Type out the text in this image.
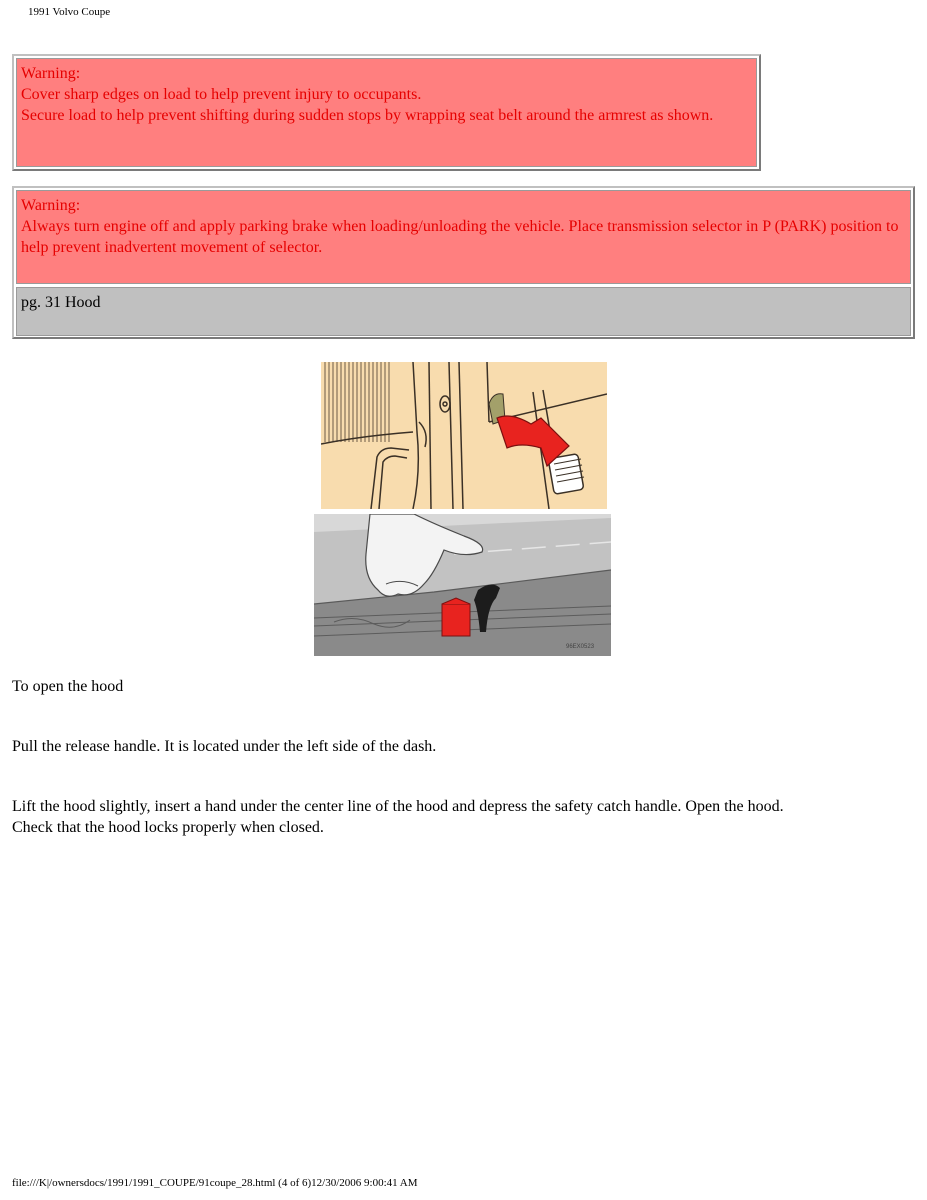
1991 Volvo Coupe
Warning:
Cover sharp edges on load to help prevent injury to occupants.
Secure load to help prevent shifting during sudden stops by wrapping seat belt around the armrest as shown.
Warning:
Always turn engine off and apply parking brake when loading/unloading the vehicle. Place transmission selector in P (PARK) position to help prevent inadvertent movement of selector.
pg. 31 Hood
96EX0523

To open the hood

Pull the release handle. It is located under the left side of the dash.

Lift the hood slightly, insert a hand under the center line of the hood and depress the safety catch handle. Open the hood.
Check that the hood locks properly when closed.
file:///K|/ownersdocs/1991/1991_COUPE/91coupe_28.html (4 of 6)12/30/2006 9:00:41 AM
